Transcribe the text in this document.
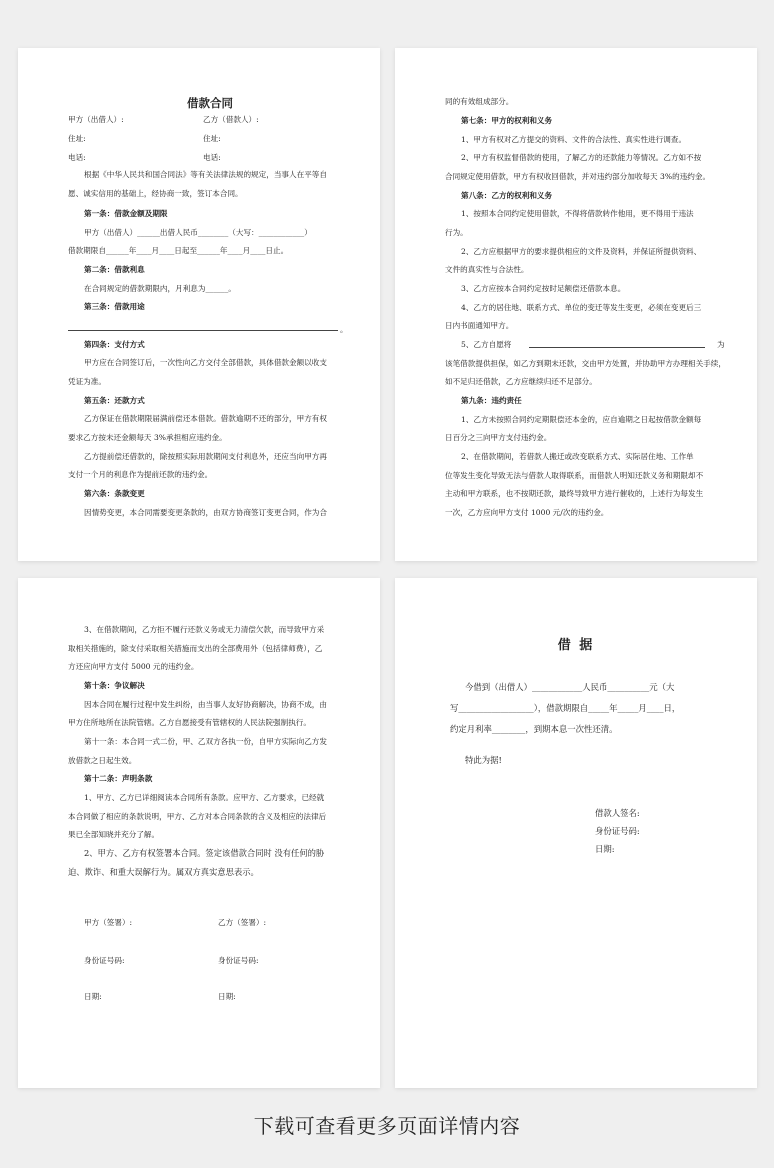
借款合同
甲方（出借人）:	乙方（借款人）:
住址:	住址:
电话:	电话:
根据《中华人民共和国合同法》等有关法律法规的规定，当事人在平等自
愿、诚实信用的基础上，经协商一致，签订本合同。
第一条：借款金额及期限
甲方（出借人）______出借人民币________（大写：____________）
借款期限自______年____月____日起至______年____月____日止。
第二条：借款利息
在合同规定的借款期限内，月利息为______。
第三条：借款用途
。
第四条：支付方式
甲方应在合同签订后，一次性向乙方交付全部借款，具体借款金额以收支
凭证为准。
第五条：还款方式
乙方保证在借款期限届满前偿还本借款。借款逾期不还的部分，甲方有权
要求乙方按未还金额每天 3%承担相应违约金。
乙方提前偿还借款的，除按照实际用款期间支付利息外，还应当向甲方再
支付一个月的利息作为提前还款的违约金。
第六条：条款变更
因情势变更，本合同需要变更条款的，由双方协商签订变更合同，作为合
同的有效组成部分。
第七条：甲方的权利和义务
1、甲方有权对乙方提交的资料、文件的合法性、真实性进行调查。
2、甲方有权监督借款的使用，了解乙方的还款能力等情况。乙方如不按
合同规定使用借款，甲方有权收回借款，并对违约部分加收每天 3%的违约金。
第八条：乙方的权利和义务
1、按照本合同约定使用借款，不得将借款转作他用，更不得用于违法
行为。
2、乙方应根据甲方的要求提供相应的文件及资料，并保证所提供资料、
文件的真实性与合法性。
3、乙方应按本合同约定按时足额偿还借款本息。
4、乙方的居住地、联系方式、单位的变迁等发生变更，必须在变更后三
日内书面通知甲方。
5、乙方自愿将	为
该笔借款提供担保，如乙方到期未还款，交由甲方处置，并协助甲方办理相关手续，
如不足归还借款，乙方应继续归还不足部分。
第九条：违约责任
1、乙方未按照合同约定期限偿还本金的，应自逾期之日起按借款金额每
日百分之三向甲方支付违约金。
2、在借款期间，若借款人搬迁或改变联系方式、实际居住地、工作单
位等发生变化导致无法与借款人取得联系，而借款人明知还款义务和期限却不
主动和甲方联系，也不按期还款，最终导致甲方进行催收的，上述行为每发生
一次，乙方应向甲方支付 1000 元/次的违约金。
3、在借款期间，乙方拒不履行还款义务或无力清偿欠款，而导致甲方采
取相关措施的，除支付采取相关措施而支出的全部费用外（包括律师费），乙
方还应向甲方支付 5000 元的违约金。
第十条：争议解决
因本合同在履行过程中发生纠纷，由当事人友好协商解决，协商不成，由
甲方住所地所在法院管辖。乙方自愿接受有管辖权的人民法院强制执行。
第十一条：本合同一式二份，甲、乙双方各执一份，自甲方实际向乙方发
放借款之日起生效。
第十二条：声明条款
1、甲方、乙方已详细阅读本合同所有条款。应甲方、乙方要求，已经就
本合同做了相应的条款说明，甲方、乙方对本合同条款的含义及相应的法律后
果已全部知晓并充分了解。
2、甲方、乙方有权签署本合同。签定该借款合同时 没有任何的胁
迫、欺诈、和重大误解行为。属双方真实意思表示。
甲方（签署）:	乙方（签署）:
身份证号码:	身份证号码:
日期:	日期:
借 据
今借到（出借人）____________人民币__________元（大
写__________________），借款期限自_____年_____月____日，
约定月利率________，到期本息一次性还清。
特此为据!
借款人签名:
身份证号码:
日期:
下载可查看更多页面详情内容
